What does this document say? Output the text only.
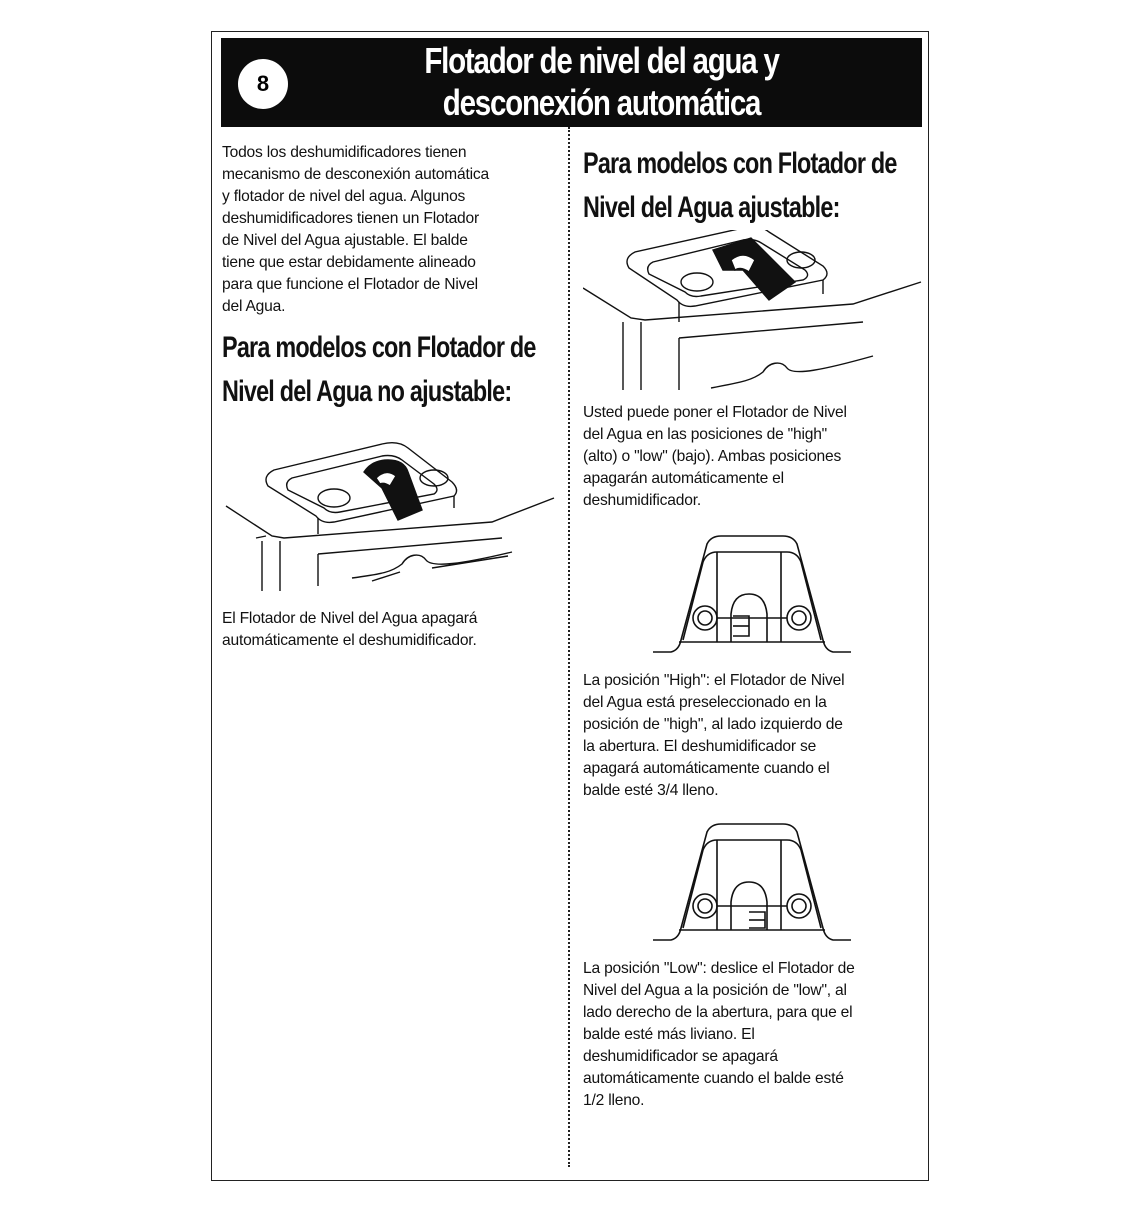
8
Flotador de nivel del agua y
desconexión automática

Todos los deshumidificadores tienen

mecanismo de desconexión automática

y flotador de nivel del agua. Algunos

deshumidificadores tienen un Flotador

de Nivel del Agua ajustable. El balde

tiene que estar debidamente alineado

para que funcione el Flotador de Nivel

del Agua.

Para modelos con Flotador de
Nivel del Agua no ajustable:

El Flotador de Nivel del Agua apagará

automáticamente el deshumidificador.

Para modelos con Flotador de
Nivel del Agua ajustable:

Usted puede poner el Flotador de Nivel

del Agua en las posiciones de "high"

(alto) o "low" (bajo). Ambas posiciones

apagarán automáticamente el

deshumidificador.

La posición "High": el Flotador de Nivel

del Agua está preseleccionado en la

posición de "high", al lado izquierdo de

la abertura. El deshumidificador se

apagará automáticamente cuando el

balde esté 3/4 lleno.

La posición "Low": deslice el Flotador de

Nivel del Agua a la posición de "low", al

lado derecho de la abertura, para que el

balde esté más liviano. El

deshumidificador se apagará

automáticamente cuando el balde esté

1/2 lleno.
